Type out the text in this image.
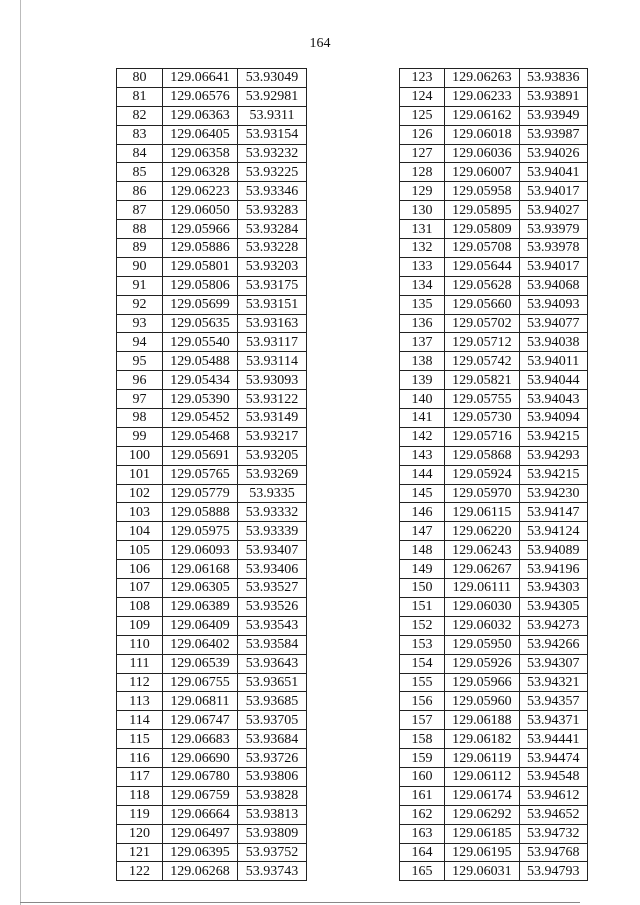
164
80	129.06641	53.93049
81	129.06576	53.92981
82	129.06363	53.9311
83	129.06405	53.93154
84	129.06358	53.93232
85	129.06328	53.93225
86	129.06223	53.93346
87	129.06050	53.93283
88	129.05966	53.93284
89	129.05886	53.93228
90	129.05801	53.93203
91	129.05806	53.93175
92	129.05699	53.93151
93	129.05635	53.93163
94	129.05540	53.93117
95	129.05488	53.93114
96	129.05434	53.93093
97	129.05390	53.93122
98	129.05452	53.93149
99	129.05468	53.93217
100	129.05691	53.93205
101	129.05765	53.93269
102	129.05779	53.9335
103	129.05888	53.93332
104	129.05975	53.93339
105	129.06093	53.93407
106	129.06168	53.93406
107	129.06305	53.93527
108	129.06389	53.93526
109	129.06409	53.93543
110	129.06402	53.93584
111	129.06539	53.93643
112	129.06755	53.93651
113	129.06811	53.93685
114	129.06747	53.93705
115	129.06683	53.93684
116	129.06690	53.93726
117	129.06780	53.93806
118	129.06759	53.93828
119	129.06664	53.93813
120	129.06497	53.93809
121	129.06395	53.93752
122	129.06268	53.93743
123	129.06263	53.93836
124	129.06233	53.93891
125	129.06162	53.93949
126	129.06018	53.93987
127	129.06036	53.94026
128	129.06007	53.94041
129	129.05958	53.94017
130	129.05895	53.94027
131	129.05809	53.93979
132	129.05708	53.93978
133	129.05644	53.94017
134	129.05628	53.94068
135	129.05660	53.94093
136	129.05702	53.94077
137	129.05712	53.94038
138	129.05742	53.94011
139	129.05821	53.94044
140	129.05755	53.94043
141	129.05730	53.94094
142	129.05716	53.94215
143	129.05868	53.94293
144	129.05924	53.94215
145	129.05970	53.94230
146	129.06115	53.94147
147	129.06220	53.94124
148	129.06243	53.94089
149	129.06267	53.94196
150	129.06111	53.94303
151	129.06030	53.94305
152	129.06032	53.94273
153	129.05950	53.94266
154	129.05926	53.94307
155	129.05966	53.94321
156	129.05960	53.94357
157	129.06188	53.94371
158	129.06182	53.94441
159	129.06119	53.94474
160	129.06112	53.94548
161	129.06174	53.94612
162	129.06292	53.94652
163	129.06185	53.94732
164	129.06195	53.94768
165	129.06031	53.94793
